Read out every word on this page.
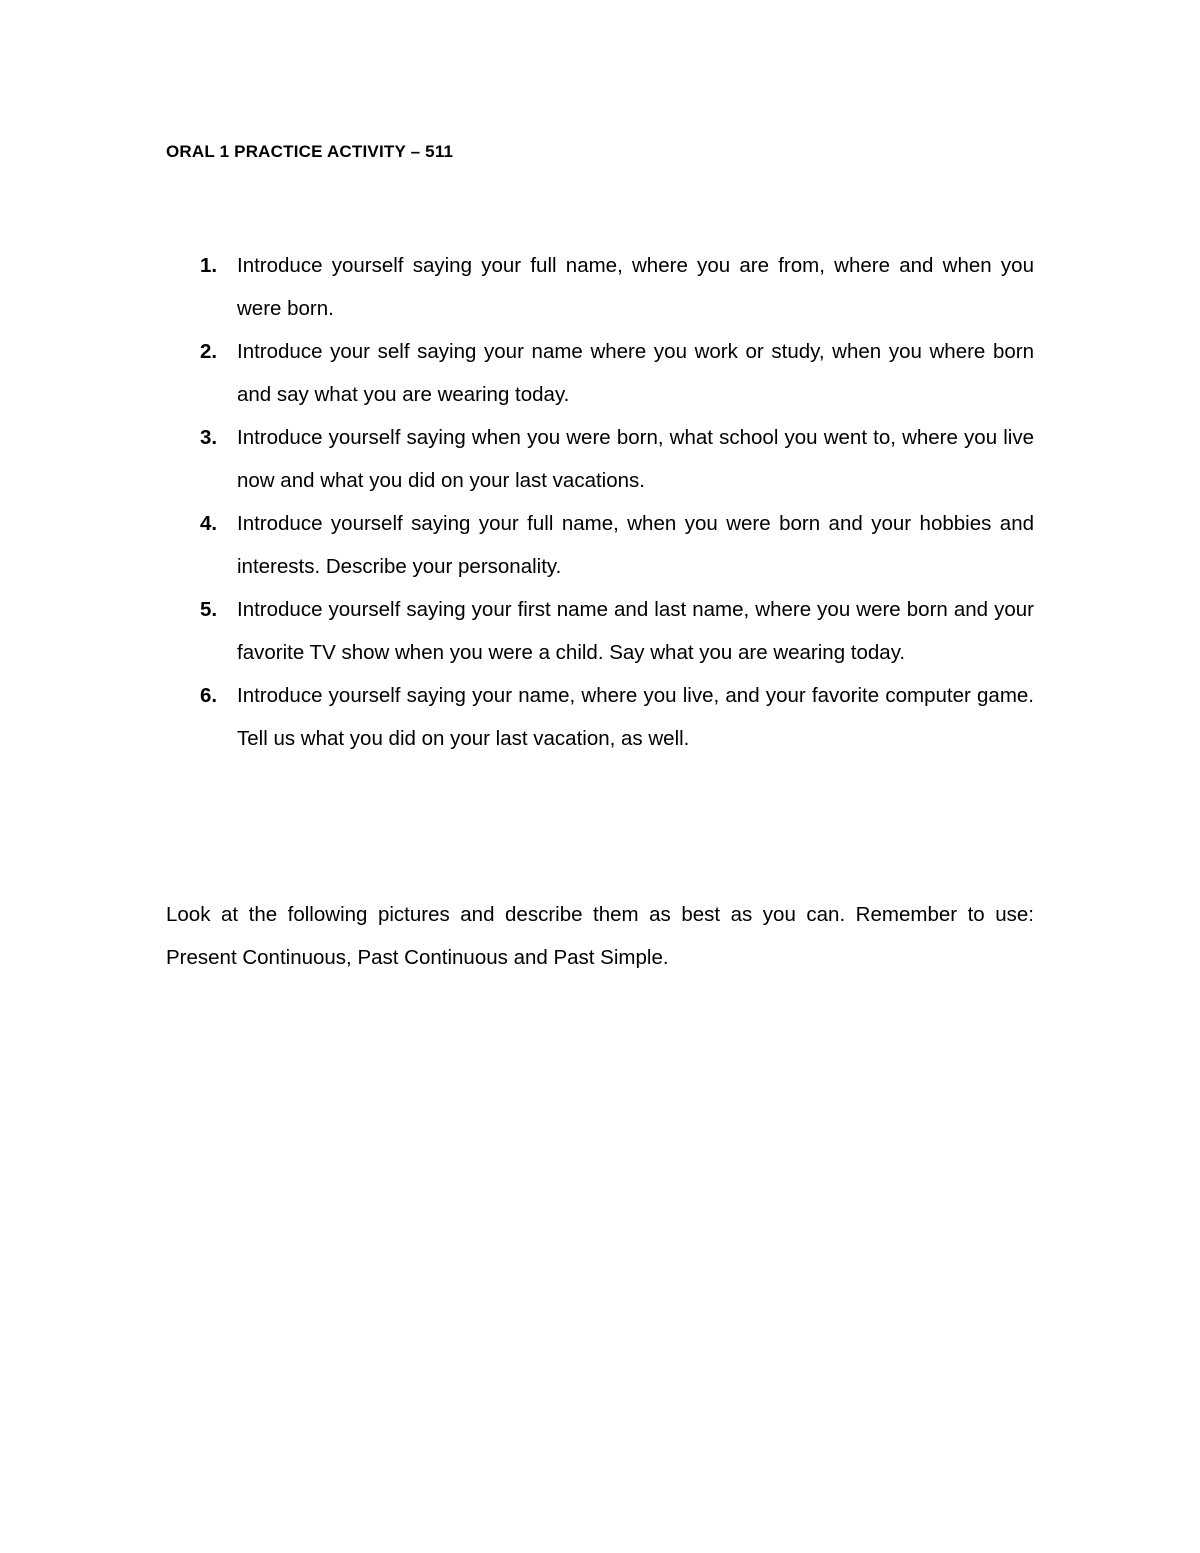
ORAL 1 PRACTICE ACTIVITY – 511
1. Introduce yourself saying your full name, where you are from, where and when you were born.
2. Introduce your self saying your name where you work or study, when you where born and say what you are wearing today.
3. Introduce yourself saying when you were born, what school you went to, where you live now and what you did on your last vacations.
4. Introduce yourself saying your full name, when you were born and your hobbies and interests. Describe your personality.
5. Introduce yourself saying your first name and last name, where you were born and your favorite TV show when you were a child. Say what you are wearing today.
6. Introduce yourself saying your name, where you live, and your favorite computer game. Tell us what you did on your last vacation, as well.

Look at the following pictures and describe them as best as you can. Remember to use: Present Continuous, Past Continuous and Past Simple.
